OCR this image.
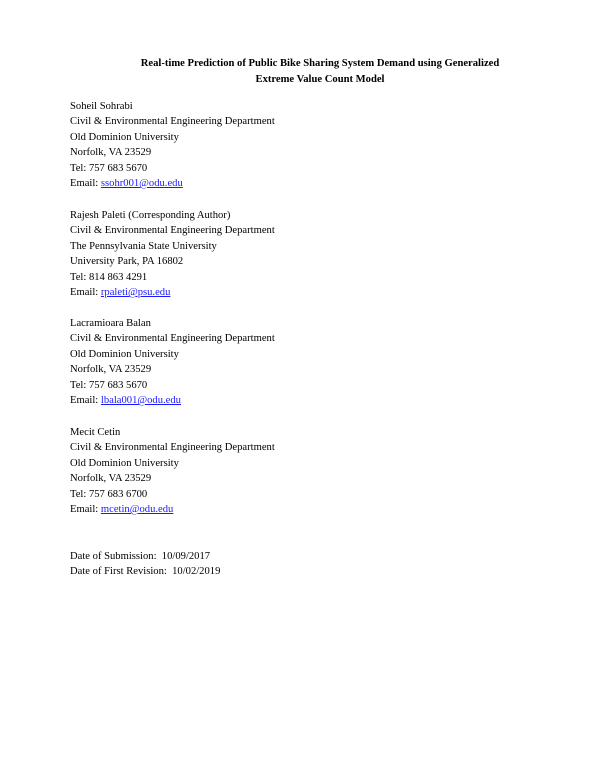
Real-time Prediction of Public Bike Sharing System Demand using Generalized
Extreme Value Count Model
Soheil Sohrabi
Civil & Environmental Engineering Department
Old Dominion University
Norfolk, VA 23529
Tel: 757 683 5670
Email: ssohr001@odu.edu
Rajesh Paleti (Corresponding Author)
Civil & Environmental Engineering Department
The Pennsylvania State University
University Park, PA 16802
Tel: 814 863 4291
Email: rpaleti@psu.edu
Lacramioara Balan
Civil & Environmental Engineering Department
Old Dominion University
Norfolk, VA 23529
Tel: 757 683 5670
Email: lbala001@odu.edu
Mecit Cetin
Civil & Environmental Engineering Department
Old Dominion University
Norfolk, VA 23529
Tel: 757 683 6700
Email: mcetin@odu.edu
Date of Submission:  10/09/2017
Date of First Revision:  10/02/2019
